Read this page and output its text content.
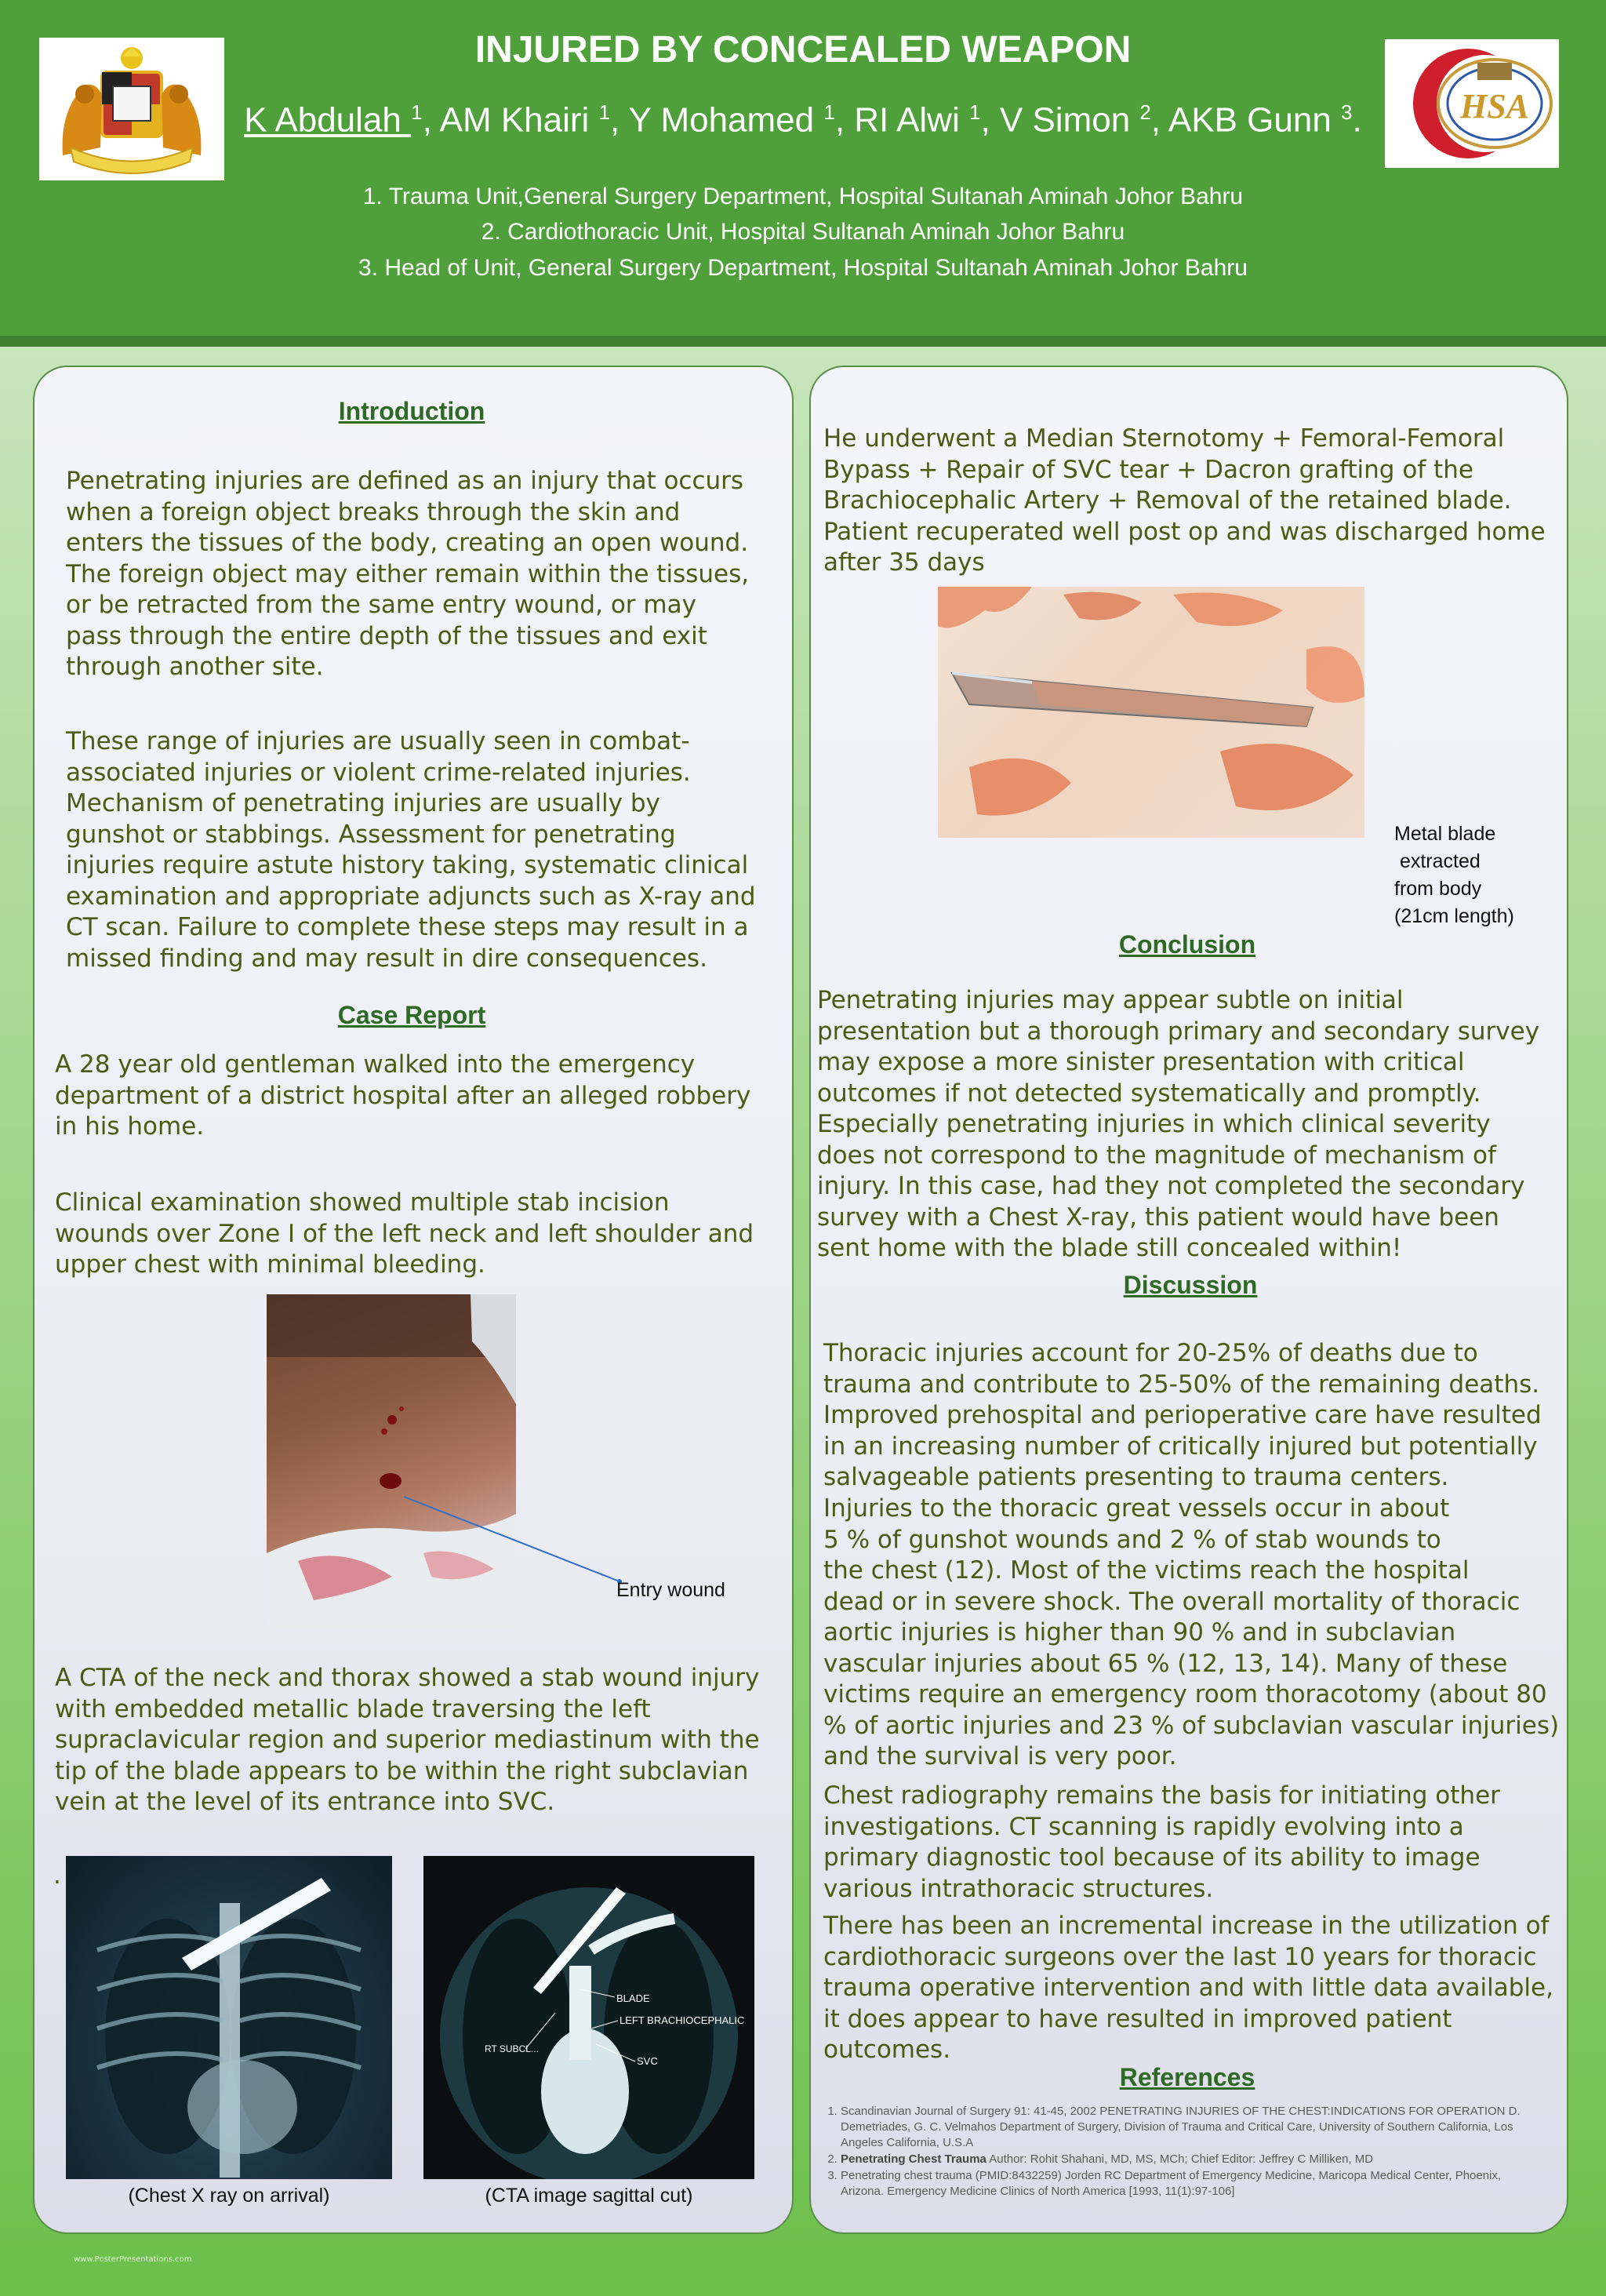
HSA
INJURED BY CONCEALED WEAPON
K Abdulah $^1$, AM Khairi $^1$, Y Mohamed $^1$, RI Alwi $^1$, V Simon $^2$, AKB Gunn $^3$.
1. Trauma Unit,General Surgery Department, Hospital Sultanah Aminah Johor Bahru
2. Cardiothoracic Unit, Hospital Sultanah Aminah Johor Bahru
3. Head of Unit, General Surgery Department, Hospital Sultanah Aminah Johor Bahru
Introduction

Penetrating injuries are defined as an injury that occurs when a foreign object breaks through the skin and enters the tissues of the body, creating an open wound. The foreign object may either remain within the tissues, or be retracted from the same entry wound, or may pass through the entire depth of the tissues and exit through another site.

These range of injuries are usually seen in combat-associated injuries or violent crime-related injuries. Mechanism of penetrating injuries are usually by gunshot or stabbings. Assessment for penetrating injuries require astute history taking, systematic clinical examination and appropriate adjuncts such as X-ray and CT scan. Failure to complete these steps may result in a missed finding and may result in dire consequences.

Case Report

A 28 year old gentleman walked into the emergency department of a district hospital after an alleged robbery in his home.

Clinical examination showed multiple stab incision wounds over Zone I of the left neck and left shoulder and upper chest with minimal bleeding.

Entry wound

A CTA of the neck and thorax showed a stab wound injury with embedded metallic blade traversing the left supraclavicular region and superior mediastinum with the tip of the blade appears to be within the right subclavian vein at the level of its entrance into SVC.

.
(Chest X ray on arrival)
BLADE
LEFT BRACHIOCEPHALIC
SVC
RT SUBCL...
(CTA image sagittal cut)

He underwent a Median Sternotomy + Femoral-Femoral Bypass + Repair of SVC tear + Dacron grafting of the Brachiocephalic Artery + Removal of the retained blade. Patient recuperated well post op and was discharged home after 35 days

Metal blade
extracted
from body
(21cm length)
Conclusion

Penetrating injuries may appear subtle on initial presentation but a thorough primary and secondary survey may expose a more sinister presentation with critical outcomes if not detected systematically and promptly. Especially penetrating injuries in which clinical severity does not correspond to the magnitude of mechanism of injury. In this case, had they not completed the secondary survey with a Chest X-ray, this patient would have been sent home with the blade still concealed within!

Discussion

Thoracic injuries account for 20-25% of deaths due to trauma and contribute to 25-50% of the remaining deaths. Improved prehospital and perioperative care have resulted in an increasing number of critically injured but potentially salvageable patients presenting to trauma centers.

Injuries to the thoracic great vessels occur in about
5 % of gunshot wounds and 2 % of stab wounds to
the chest (12). Most of the victims reach the hospital
dead or in severe shock. The overall mortality of thoracic aortic injuries is higher than 90 % and in subclavian vascular injuries about 65 % (12, 13, 14). Many of these victims require an emergency room thoracotomy (about 80 % of aortic injuries and 23 % of subclavian vascular injuries) and the survival is very poor.

Chest radiography remains the basis for initiating other investigations. CT scanning is rapidly evolving into a primary diagnostic tool because of its ability to image various intrathoracic structures.

There has been an incremental increase in the utilization of cardiothoracic surgeons over the last 10 years for thoracic trauma operative intervention and with little data available, it does appear to have resulted in improved patient outcomes.

References
1. Scandinavian Journal of Surgery 91: 41-45, 2002 PENETRATING INJURIES OF THE CHEST:INDICATIONS FOR OPERATION D. Demetriades, G. C. Velmahos Department of Surgery, Division of Trauma and Critical Care, University of Southern California, Los Angeles California, U.S.A
2. Penetrating Chest Trauma Author: Rohit Shahani, MD, MS, MCh; Chief Editor: Jeffrey C Milliken, MD
3. Penetrating chest trauma (PMID:8432259) Jorden RC Department of Emergency Medicine, Maricopa Medical Center, Phoenix, Arizona. Emergency Medicine Clinics of North America [1993, 11(1):97-106]
www.PosterPresentations.com
